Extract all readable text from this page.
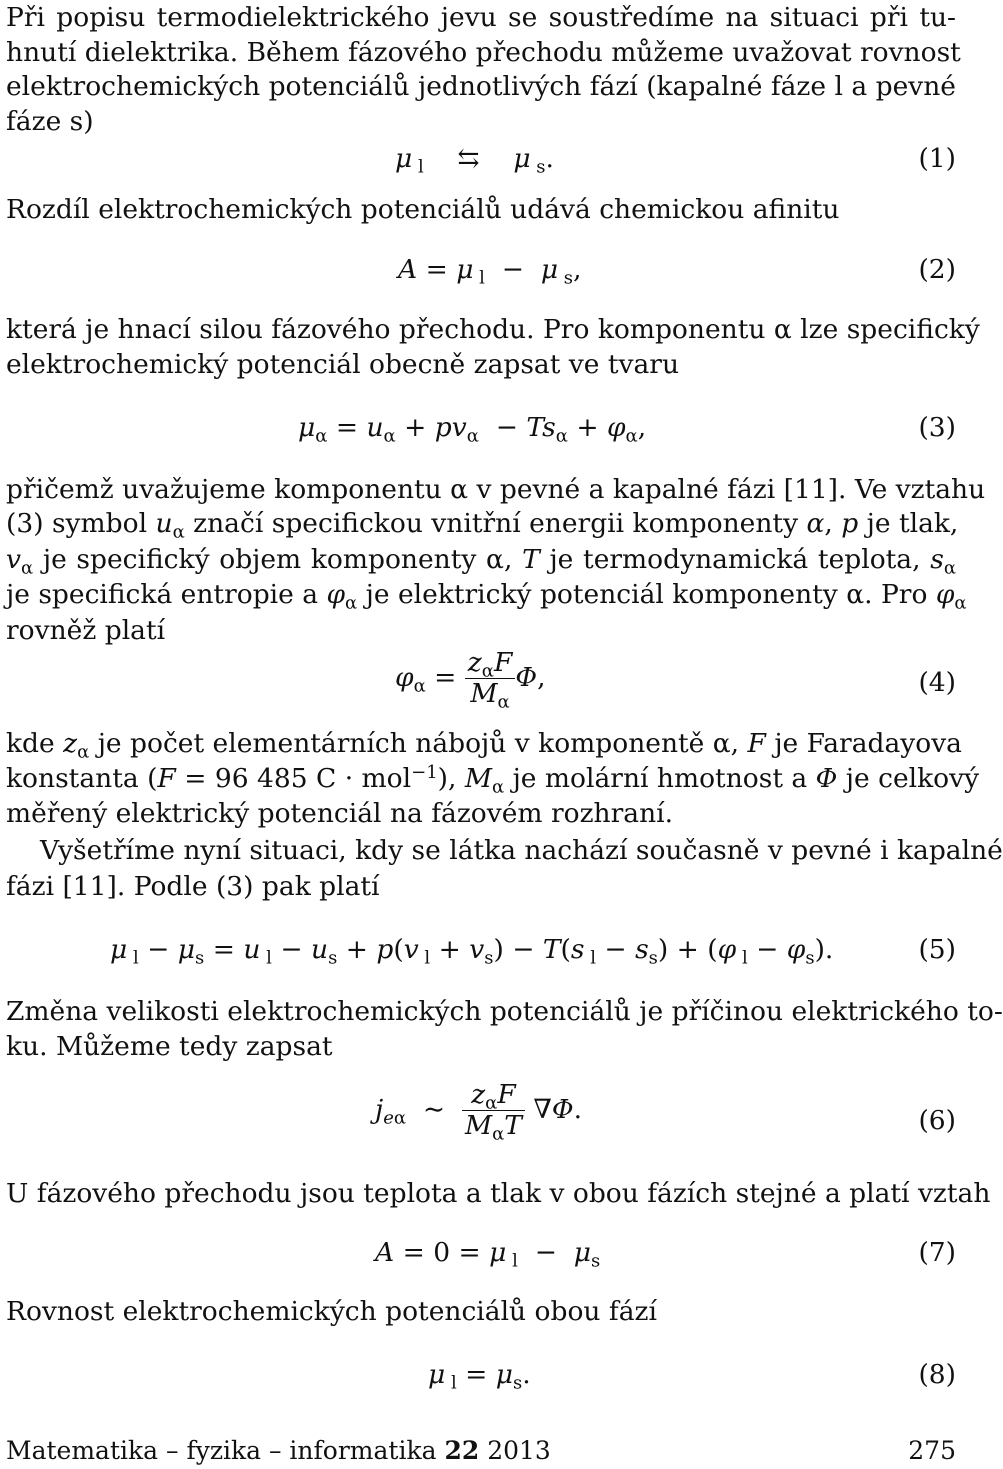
Při popisu termodielektrického jevu se soustředíme na situaci při tu-
hnutí dielektrika. Během fázového přechodu můžeme uvažovat rovnost
elektrochemických potenciálů jednotlivých fází (kapalné fáze l a pevné
fáze s)
μ $_l$    ⇆    μ $_s$.	(1)
Rozdíl elektrochemických potenciálů udává chemickou afinitu
A = μ $_l$  −  μ $_s$,	(2)
která je hnací silou fázového přechodu. Pro komponentu α lze specifický
elektrochemický potenciál obecně zapsat ve tvaru
$\mu_\alpha = u_\alpha + pv_\alpha - Ts_\alpha + \varphi_\alpha$,	(3)
přičemž uvažujeme komponentu α v pevné a kapalné fázi [11]. Ve vztahu
(3) symbol $u_\alpha$ značí specifickou vnitřní energii komponenty α, p je tlak,
$v_\alpha$ je specifický objem komponenty α, T je termodynamická teplota, $s_\alpha$
je specifická entropie a $\varphi_\alpha$ je elektrický potenciál komponenty α. Pro $\varphi_\alpha$
rovněž platí
$\varphi_\alpha = \frac{z_\alpha F}{M_\alpha} \Phi$,	(4)
kde $z_\alpha$ je počet elementárních nábojů v komponentě α, F je Faradayova
konstanta (F = 96 485 C · mol$^{-1}$), $M_\alpha$ je molární hmotnost a Φ je celkový
měřený elektrický potenciál na fázovém rozhraní.
Vyšetříme nyní situaci, kdy se látka nachází současně v pevné i kapalné
fázi [11]. Podle (3) pak platí
μ $_l - \mu_s = u$ $_l - u_s + p(v$ $_l + v_s) - T(s$ $_l - s_s) + (\varphi$ $_l - \varphi_s$).	(5)
Změna velikosti elektrochemických potenciálů je příčinou elektrického to-
ku. Můžeme tedy zapsat
$j_{e\alpha}$  ∼ $\frac{z_\alpha F}{M_\alpha T} \nabla\Phi$.	(6)
U fázového přechodu jsou teplota a tlak v obou fázích stejné a platí vztah
A = 0 = μ $_l - \mu_s$	(7)
Rovnost elektrochemických potenciálů obou fází
μ $_l = \mu_s$.	(8)
Matematika – fyzika – informatika 22 2013	275
